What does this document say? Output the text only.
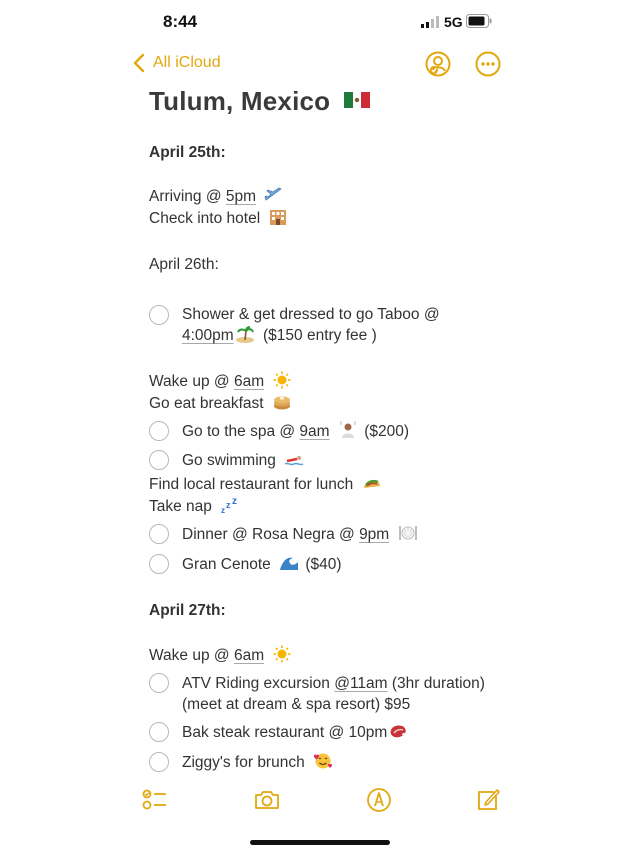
8:44	5G
All iCloud
Tulum, Mexico
April 25th:
Arriving @ 5pm
Check into hotel
April 26th:
Shower & get dressed to go Taboo @
4:00pm ($150 entry fee )
Wake up @ 6am
Go eat breakfast
Go to the spa @ 9am ($200)
Go swimming
Find local restaurant for lunch
Take nap z
z z
Dinner @ Rosa Negra @ 9pm
Gran Cenote ($40)
April 27th:
Wake up @ 6am
ATV Riding excursion @11am (3hr duration)
(meet at dream & spa resort) $95
Bak steak restaurant @ 10pm
Ziggy's for brunch
